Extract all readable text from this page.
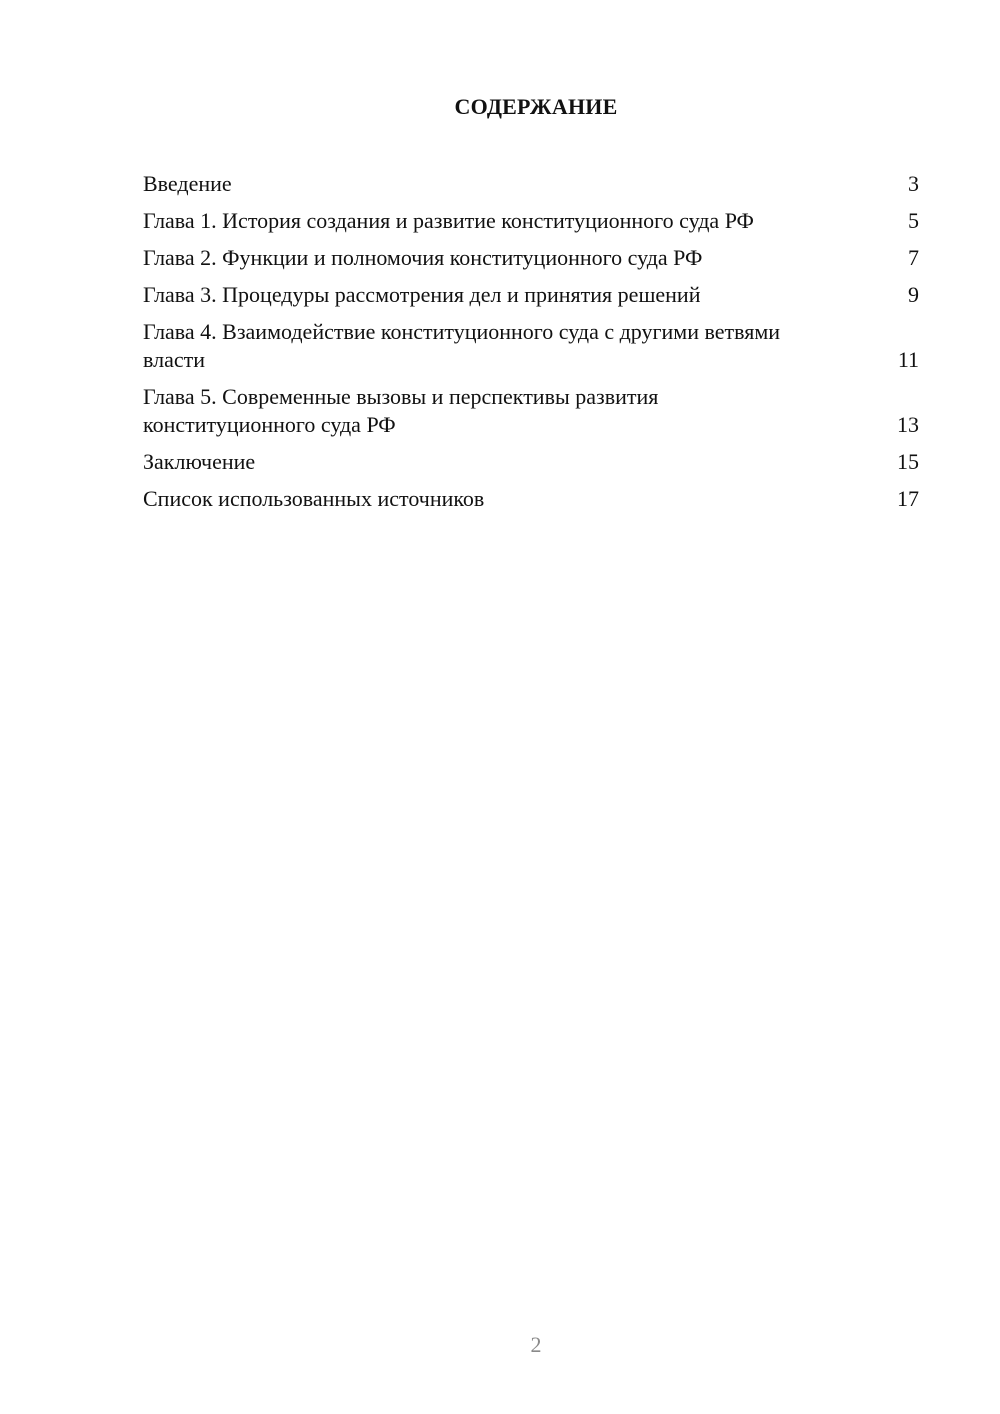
СОДЕРЖАНИЕ
Введение	3
Глава 1. История создания и развитие конституционного суда РФ	5
Глава 2. Функции и полномочия конституционного суда РФ	7
Глава 3. Процедуры рассмотрения дел и принятия решений	9
Глава 4. Взаимодействие конституционного суда с другими ветвями власти	11
Глава 5. Современные вызовы и перспективы развития конституционного суда РФ	13
Заключение	15
Список использованных источников	17
2
